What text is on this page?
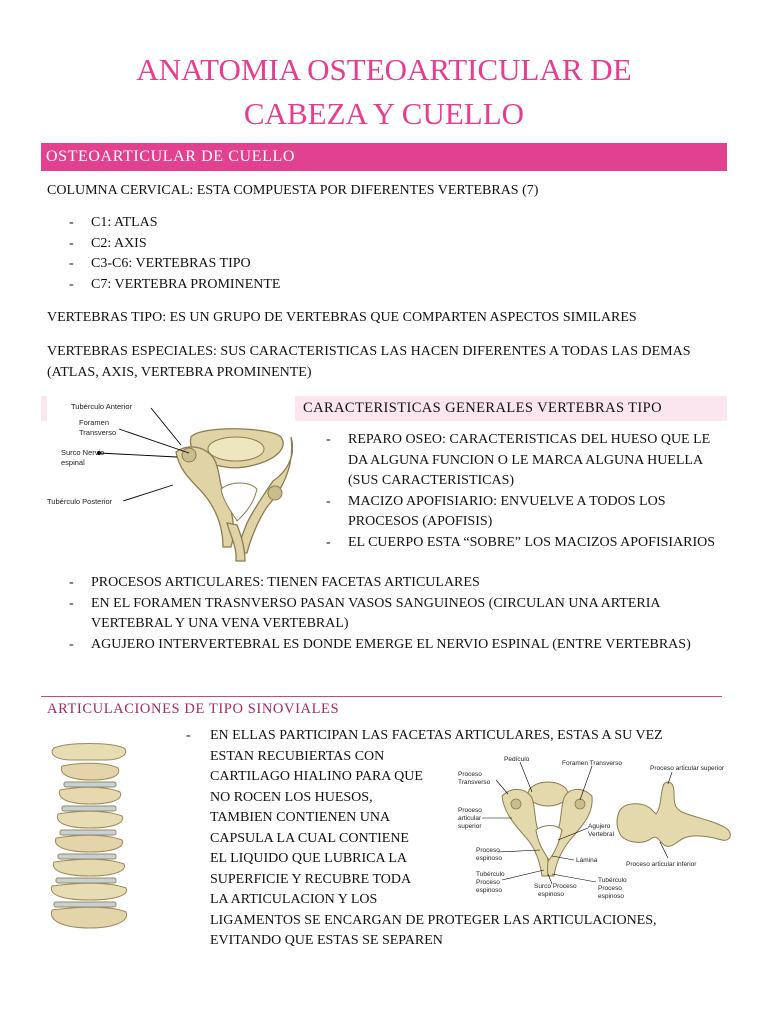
ANATOMIA OSTEOARTICULAR DE
CABEZA Y CUELLO
OSTEOARTICULAR DE CUELLO
COLUMNA CERVICAL: ESTA COMPUESTA POR DIFERENTES VERTEBRAS (7)
- C1: ATLAS
- C2: AXIS
- C3-C6: VERTEBRAS TIPO
- C7: VERTEBRA PROMINENTE
VERTEBRAS TIPO: ES UN GRUPO DE VERTEBRAS QUE COMPARTEN ASPECTOS SIMILARES
VERTEBRAS ESPECIALES: SUS CARACTERISTICAS LAS HACEN DIFERENTES A TODAS LAS DEMAS (ATLAS, AXIS, VERTEBRA PROMINENTE)
Tubérculo Anterior
Foramen
Transverso
Surco Nervio
espinal
Tubérculo Posterior
CARACTERISTICAS GENERALES VERTEBRAS TIPO
- REPARO OSEO: CARACTERISTICAS DEL HUESO QUE LE DA ALGUNA FUNCION O LE MARCA ALGUNA HUELLA (SUS CARACTERISTICAS)
- MACIZO APOFISIARIO: ENVUELVE A TODOS LOS PROCESOS (APOFISIS)
- EL CUERPO ESTA “SOBRE” LOS MACIZOS APOFISIARIOS
- PROCESOS ARTICULARES: TIENEN FACETAS ARTICULARES
- EN EL FORAMEN TRASNVERSO PASAN VASOS SANGUINEOS (CIRCULAN UNA ARTERIA VERTEBRAL Y UNA VENA VERTEBRAL)
- AGUJERO INTERVERTEBRAL ES DONDE EMERGE EL NERVIO ESPINAL (ENTRE VERTEBRAS)
ARTICULACIONES DE TIPO SINOVIALES
- EN ELLAS PARTICIPAN LAS FACETAS ARTICULARES, ESTAS A SU VEZ
ESTAN RECUBIERTAS CON
CARTILAGO HIALINO PARA QUE
NO ROCEN LOS HUESOS,
TAMBIEN CONTIENEN UNA
CAPSULA LA CUAL CONTIENE
EL LIQUIDO QUE LUBRICA LA
SUPERFICIE Y RECUBRE TODA
LA ARTICULACION Y LOS
LIGAMENTOS SE ENCARGAN DE PROTEGER LAS ARTICULACIONES,
EVITANDO QUE ESTAS SE SEPAREN
Pedículo
Foramen Transverso
Proceso
Transverso
Proceso
articular
superior	Agujero
Vertebral
Proceso
espinoso	Lámina
Tubérculo
Proceso
espinoso
Surco Proceso
espinoso
Tubérculo
Proceso
espinoso
Proceso articular superior
Proceso articular inferior
